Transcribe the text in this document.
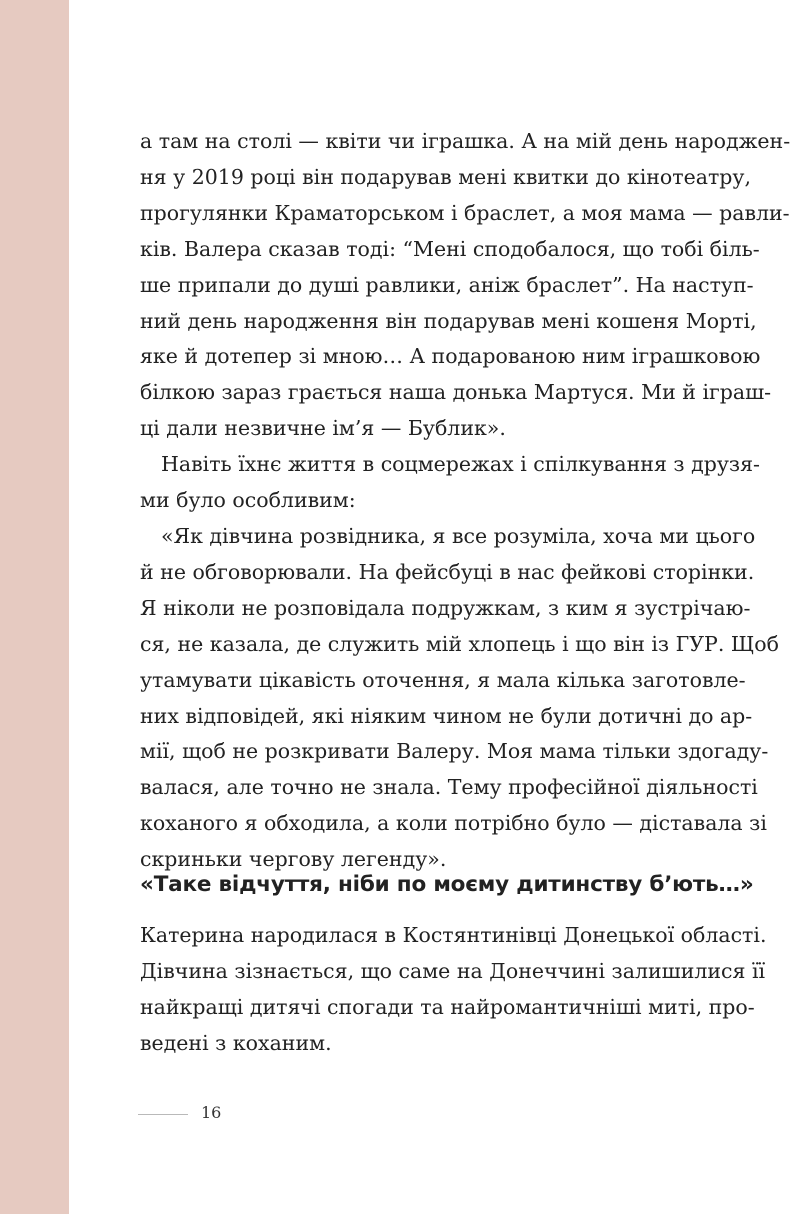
а там на столі — квіти чи іграшка. А на мій день народжен-
ня у 2019 році він подарував мені квитки до кінотеатру,
прогулянки Краматорськом і браслет, а моя мама — равли-
ків. Валера сказав тоді: “Мені сподобалося, що тобі біль-
ше припали до душі равлики, аніж браслет”. На наступ-
ний день народження він подарував мені кошеня Морті,
яке й дотепер зі мною… А подарованою ним іграшковою
білкою зараз грається наша донька Мартуся. Ми й іграш-
ці дали незвичне ім’я — Бублик».
Навіть їхнє життя в соцмережах і спілкування з друзя-
ми було особливим:
«Як дівчина розвідника, я все розуміла, хоча ми цього
й не обговорювали. На фейсбуці в нас фейкові сторінки.
Я ніколи не розповідала подружкам, з ким я зустрічаю-
ся, не казала, де служить мій хлопець і що він із ГУР. Щоб
утамувати цікавість оточення, я мала кілька заготовле-
них відповідей, які ніяким чином не були дотичні до ар-
мії, щоб не розкривати Валеру. Моя мама тільки здогаду-
валася, але точно не знала. Тему професійної діяльності
коханого я обходила, а коли потрібно було — діставала зі
скриньки чергову легенду».
«Таке відчуття, ніби по моєму дитинству б’ють…»
Катерина народилася в Костянтинівці Донецької області.
Дівчина зізнається, що саме на Донеччині залишилися її
найкращі дитячі спогади та найромантичніші миті, про-
ведені з коханим.
16
